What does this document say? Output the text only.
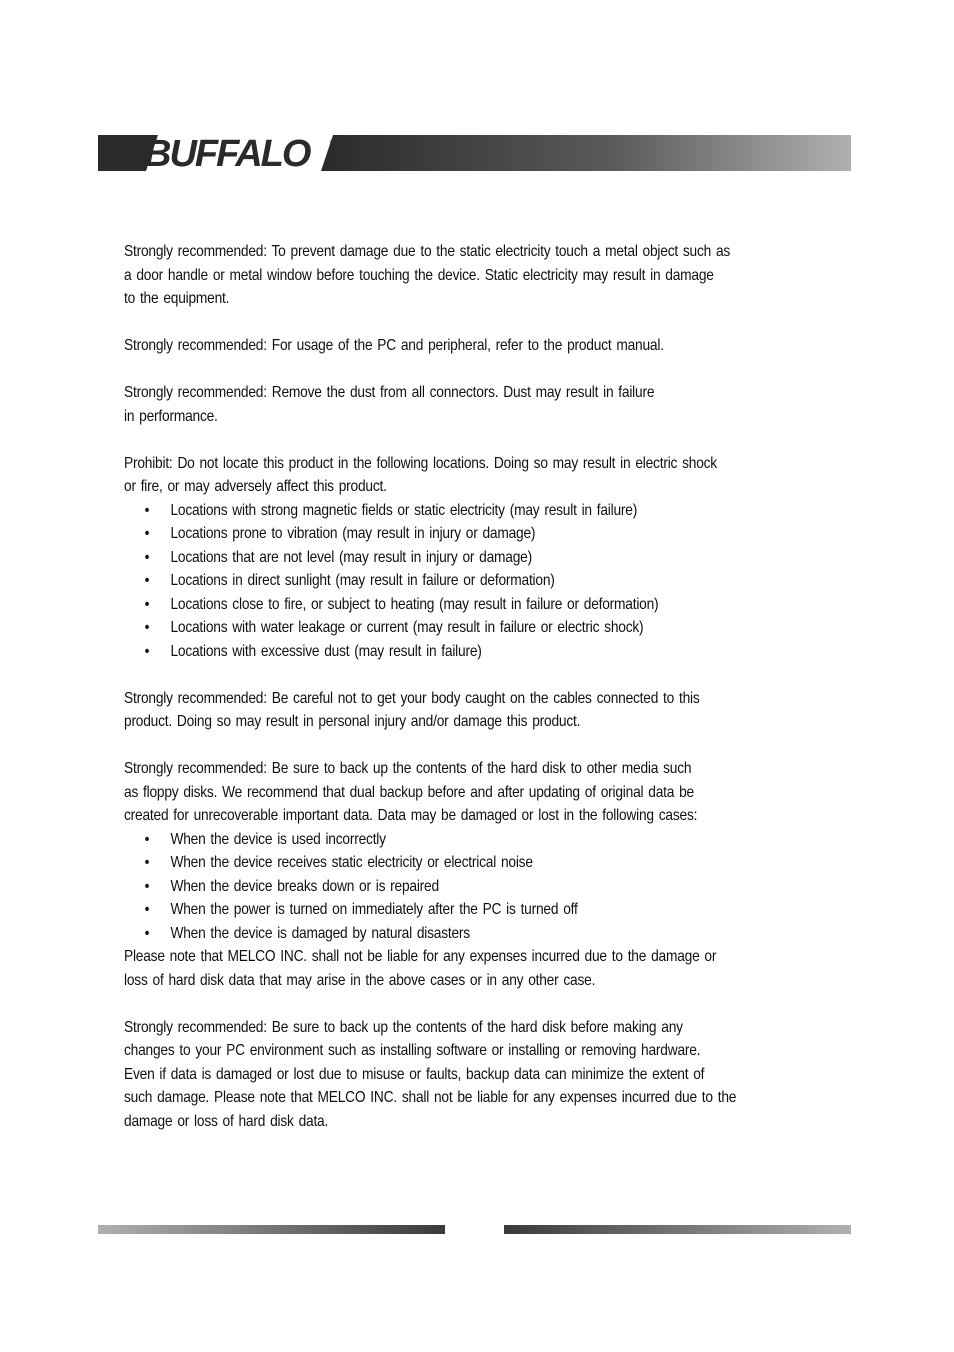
BUFFALO	®

Strongly recommended: To prevent damage due to the static electricity touch a metal object such as
a door handle or metal window before touching the device. Static electricity may result in damage
to the equipment.

Strongly recommended: For usage of the PC and peripheral, refer to the product manual.

Strongly recommended: Remove the dust from all connectors. Dust may result in failure
in performance.

Prohibit: Do not locate this product in the following locations. Doing so may result in electric shock
or fire, or may adversely affect this product.

• Locations with strong magnetic fields or static electricity (may result in failure)
• Locations prone to vibration (may result in injury or damage)
• Locations that are not level (may result in injury or damage)
• Locations in direct sunlight (may result in failure or deformation)
• Locations close to fire, or subject to heating (may result in failure or deformation)
• Locations with water leakage or current (may result in failure or electric shock)
• Locations with excessive dust (may result in failure)

Strongly recommended: Be careful not to get your body caught on the cables connected to this
product. Doing so may result in personal injury and/or damage this product.

Strongly recommended: Be sure to back up the contents of the hard disk to other media such
as floppy disks. We recommend that dual backup before and after updating of original data be
created for unrecoverable important data. Data may be damaged or lost in the following cases:

• When the device is used incorrectly
• When the device receives static electricity or electrical noise
• When the device breaks down or is repaired
• When the power is turned on immediately after the PC is turned off
• When the device is damaged by natural disasters

Please note that MELCO INC. shall not be liable for any expenses incurred due to the damage or
loss of hard disk data that may arise in the above cases or in any other case.

Strongly recommended: Be sure to back up the contents of the hard disk before making any
changes to your PC environment such as installing software or installing or removing hardware.
Even if data is damaged or lost due to misuse or faults, backup data can minimize the extent of
such damage. Please note that MELCO INC. shall not be liable for any expenses incurred due to the
damage or loss of hard disk data.
